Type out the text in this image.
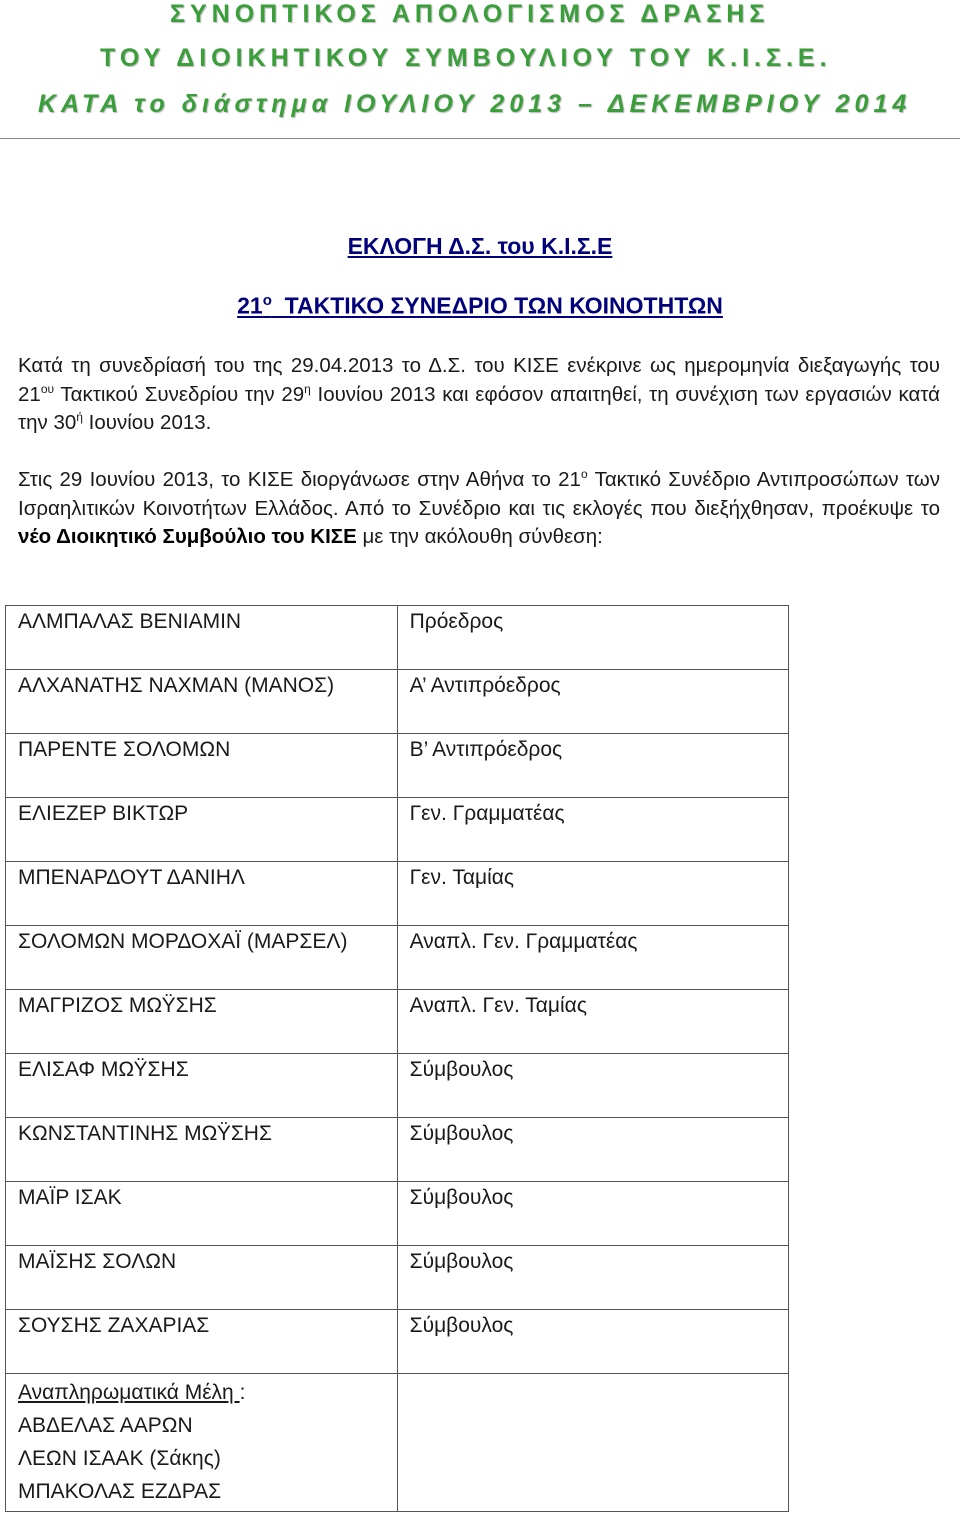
ΣΥΝΟΠΤΙΚΟΣ ΑΠΟΛΟΓΙΣΜΟΣ ΔΡΑΣΗΣ
ΤΟΥ ΔΙΟΙΚΗΤΙΚΟΥ ΣΥΜΒΟΥΛΙΟΥ ΤΟΥ Κ.Ι.Σ.Ε.
ΚΑΤΑ το διάστημα ΙΟΥΛΙΟΥ 2013 – ΔΕΚΕΜΒΡΙΟΥ 2014
ΕΚΛΟΓΗ Δ.Σ. του Κ.Ι.Σ.Ε
$21^o$  ΤΑΚΤΙΚΟ ΣΥΝΕΔΡΙΟ ΤΩΝ ΚΟΙΝΟΤΗΤΩΝ
Κατά τη συνεδρίασή του της 29.04.2013 το Δ.Σ. του ΚΙΣΕ ενέκρινε ως ημερομηνία διεξαγωγής του $21^{o\upsilon}$ Τακτικού Συνεδρίου την $29^\eta$ Ιουνίου 2013 και εφόσον απαιτηθεί, τη συνέχιση των εργασιών κατά την $30^ή$ Ιουνίου 2013.
Στις 29 Ιουνίου 2013, το ΚΙΣΕ διοργάνωσε στην Αθήνα το $21^o$ Τακτικό Συνέδριο Αντιπροσώπων των Ισραηλιτικών Κοινοτήτων Ελλάδος. Από το Συνέδριο και τις εκλογές που διεξήχθησαν, προέκυψε το νέο Διοικητικό Συμβούλιο του ΚΙΣΕ με την ακόλουθη σύνθεση:
ΑΛΜΠΑΛΑΣ ΒΕΝΙΑΜΙΝ	Πρόεδρος
ΑΛΧΑΝΑΤΗΣ ΝΑΧΜΑΝ (ΜΑΝΟΣ)	Α’ Αντιπρόεδρος
ΠΑΡΕΝΤΕ ΣΟΛΟΜΩΝ	Β’ Αντιπρόεδρος
ΕΛΙΕΖΕΡ ΒΙΚΤΩΡ	Γεν. Γραμματέας
ΜΠΕΝΑΡΔΟΥΤ ΔΑΝΙΗΛ	Γεν. Ταμίας
ΣΟΛΟΜΩΝ ΜΟΡΔΟΧΑΪ (ΜΑΡΣΕΛ)	Αναπλ. Γεν. Γραμματέας
ΜΑΓΡΙΖΟΣ ΜΩΫΣΗΣ	Αναπλ. Γεν. Ταμίας
ΕΛΙΣΑΦ ΜΩΫΣΗΣ	Σύμβουλος
ΚΩΝΣΤΑΝΤΙΝΗΣ ΜΩΫΣΗΣ	Σύμβουλος
ΜΑΪΡ ΙΣΑΚ	Σύμβουλος
ΜΑΪΣΗΣ ΣΟΛΩΝ	Σύμβουλος
ΣΟΥΣΗΣ ΖΑΧΑΡΙΑΣ	Σύμβουλος

Αναπληρωματικά Μέλη :
ΑΒΔΕΛΑΣ ΑΑΡΩΝ
ΛΕΩΝ ΙΣΑΑΚ (Σάκης)
ΜΠΑΚΟΛΑΣ ΕΖΔΡΑΣ	
